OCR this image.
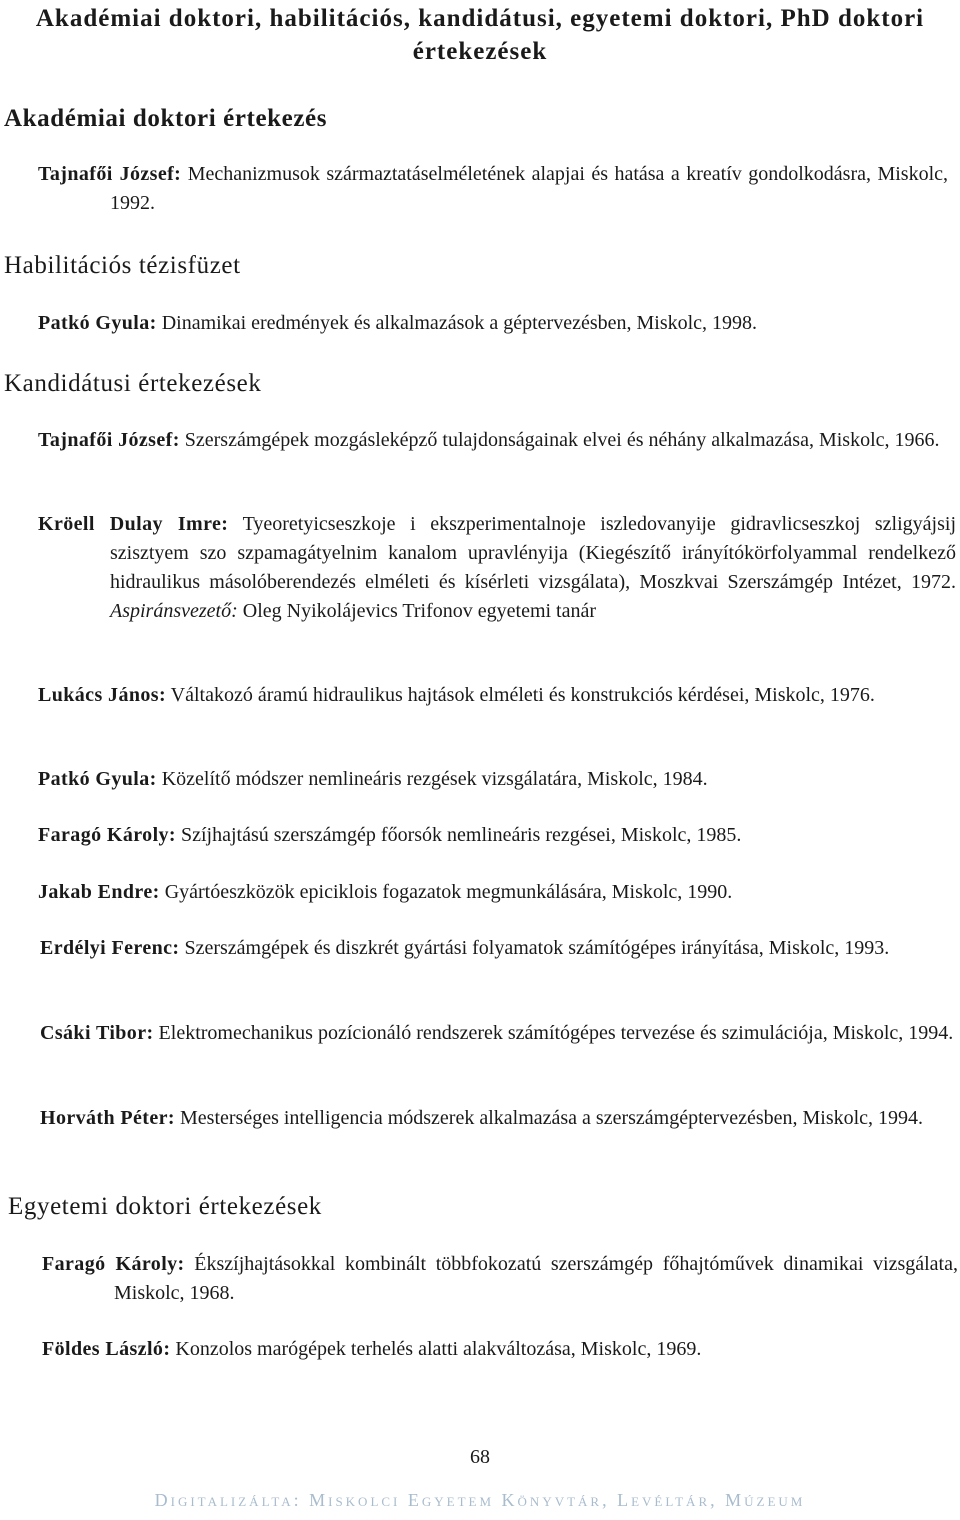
Akadémiai doktori, habilitációs, kandidátusi, egyetemi doktori, PhD doktori értekezések
Akadémiai doktori értekezés

Tajnafői József: Mechanizmusok származtatáselméletének alapjai és hatása a kreatív gondolkodásra, Miskolc, 1992.

Habilitációs tézisfüzet

Patkó Gyula: Dinamikai eredmények és alkalmazások a géptervezésben, Miskolc, 1998.

Kandidátusi értekezések

Tajnafői József: Szerszámgépek mozgásleképző tulajdonságainak elvei és néhány alkalmazása, Miskolc, 1966.

Kröell Dulay Imre: Tyeoretyicseszkoje i ekszperimentalnoje iszledovanyije gidravlicseszkoj szligyájsij szisztyem szo szpamagátyelnim kanalom upravlényija (Kiegészítő irányítókörfolyammal rendelkező hidraulikus másolóberendezés elméleti és kísérleti vizsgálata), Moszkvai Szerszámgép Intézet, 1972. Aspiránsvezető: Oleg Nyikolájevics Trifonov egyetemi tanár

Lukács János: Váltakozó áramú hidraulikus hajtások elméleti és konstrukciós kérdései, Miskolc, 1976.

Patkó Gyula: Közelítő módszer nemlineáris rezgések vizsgálatára, Miskolc, 1984.

Faragó Károly: Szíjhajtású szerszámgép főorsók nemlineáris rezgései, Miskolc, 1985.

Jakab Endre: Gyártóeszközök epiciklois fogazatok megmunkálására, Miskolc, 1990.

Erdélyi Ferenc: Szerszámgépek és diszkrét gyártási folyamatok számítógépes irányítása, Miskolc, 1993.

Csáki Tibor: Elektromechanikus pozícionáló rendszerek számítógépes tervezése és szimulációja, Miskolc, 1994.

Horváth Péter: Mesterséges intelligencia módszerek alkalmazása a szerszámgéptervezésben, Miskolc, 1994.

Egyetemi doktori értekezések

Faragó Károly: Ékszíjhajtásokkal kombinált többfokozatú szerszámgép főhajtóművek dinamikai vizsgálata, Miskolc, 1968.

Földes László: Konzolos marógépek terhelés alatti alakváltozása, Miskolc, 1969.

68
Digitalizálta: Miskolci Egyetem Könyvtár, Levéltár, Múzeum
